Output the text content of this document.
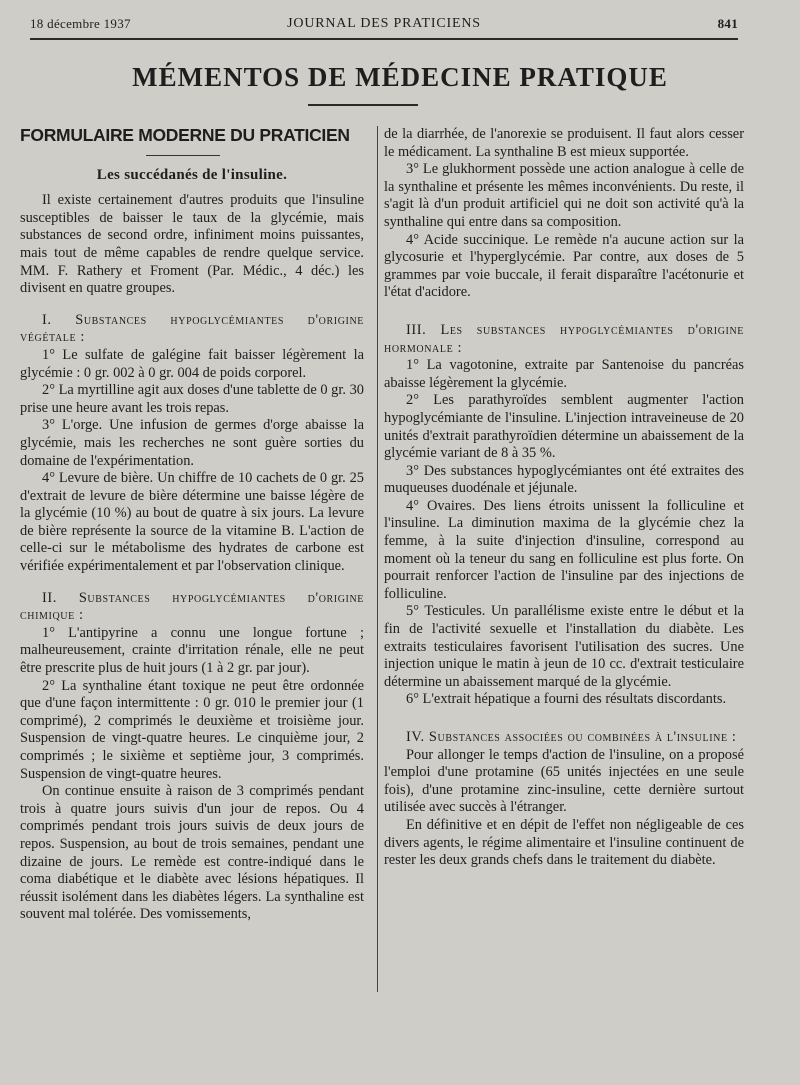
18 décembre 1937	JOURNAL DES PRATICIENS	841
MÉMENTOS DE MÉDECINE PRATIQUE
FORMULAIRE MODERNE DU PRATICIEN
Les succédanés de l'insuline.

Il existe certainement d'autres produits que l'insuline susceptibles de baisser le taux de la glycémie, mais substances de second ordre, infiniment moins puissantes, mais tout de même capables de rendre quelque service. MM. F. Rathery et Froment (Par. Médic., 4 déc.) les divisent en quatre groupes.

I. Substances hypoglycémiantes d'origine végétale :

1° Le sulfate de galégine fait baisser légèrement la glycémie : 0 gr. 002 à 0 gr. 004 de poids corporel.

2° La myrtilline agit aux doses d'une tablette de 0 gr. 30 prise une heure avant les trois repas.

3° L'orge. Une infusion de germes d'orge abaisse la glycémie, mais les recherches ne sont guère sorties du domaine de l'expérimentation.

4° Levure de bière. Un chiffre de 10 cachets de 0 gr. 25 d'extrait de levure de bière détermine une baisse légère de la glycémie (10 %) au bout de quatre à six jours. La levure de bière représente la source de la vitamine B. L'action de celle-ci sur le métabolisme des hydrates de carbone est vérifiée expérimentalement et par l'observation clinique.

II. Substances hypoglycémiantes d'origine chimique :

1° L'antipyrine a connu une longue fortune ; malheureusement, crainte d'irritation rénale, elle ne peut être prescrite plus de huit jours (1 à 2 gr. par jour).

2° La synthaline étant toxique ne peut être ordonnée que d'une façon intermittente : 0 gr. 010 le premier jour (1 comprimé), 2 comprimés le deuxième et troisième jour. Suspension de vingt-quatre heures. Le cinquième jour, 2 comprimés ; le sixième et septième jour, 3 comprimés. Suspension de vingt-quatre heures.

On continue ensuite à raison de 3 comprimés pendant trois à quatre jours suivis d'un jour de repos. Ou 4 comprimés pendant trois jours suivis de deux jours de repos. Suspension, au bout de trois semaines, pendant une dizaine de jours. Le remède est contre-indiqué dans le coma diabétique et le diabète avec lésions hépatiques. Il réussit isolément dans les diabètes légers. La synthaline est souvent mal tolérée. Des vomissements,

de la diarrhée, de l'anorexie se produisent. Il faut alors cesser le médicament. La synthaline B est mieux supportée.

3° Le glukhorment possède une action analogue à celle de la synthaline et présente les mêmes inconvénients. Du reste, il s'agit là d'un produit artificiel qui ne doit son activité qu'à la synthaline qui entre dans sa composition.

4° Acide succinique. Le remède n'a aucune action sur la glycosurie et l'hyperglycémie. Par contre, aux doses de 5 grammes par voie buccale, il ferait disparaître l'acétonurie et l'état d'acidore.

III. Les substances hypoglycémiantes d'origine hormonale :

1° La vagotonine, extraite par Santenoise du pancréas abaisse légèrement la glycémie.

2° Les parathyroïdes semblent augmenter l'action hypoglycémiante de l'insuline. L'injection intraveineuse de 20 unités d'extrait parathyroïdien détermine un abaissement de la glycémie variant de 8 à 35 %.

3° Des substances hypoglycémiantes ont été extraites des muqueuses duodénale et jéjunale.

4° Ovaires. Des liens étroits unissent la folliculine et l'insuline. La diminution maxima de la glycémie chez la femme, à la suite d'injection d'insuline, correspond au moment où la teneur du sang en folliculine est plus forte. On pourrait renforcer l'action de l'insuline par des injections de folliculine.

5° Testicules. Un parallélisme existe entre le début et la fin de l'activité sexuelle et l'installation du diabète. Les extraits testiculaires favorisent l'utilisation des sucres. Une injection unique le matin à jeun de 10 cc. d'extrait testiculaire détermine un abaissement marqué de la glycémie.

6° L'extrait hépatique a fourni des résultats discordants.

IV. Substances associées ou combinées à l'insuline :

Pour allonger le temps d'action de l'insuline, on a proposé l'emploi d'une protamine (65 unités injectées en une seule fois), d'une protamine zinc-insuline, cette dernière surtout utilisée avec succès à l'étranger.

En définitive et en dépit de l'effet non négligeable de ces divers agents, le régime alimentaire et l'insuline continuent de rester les deux grands chefs dans le traitement du diabète.
